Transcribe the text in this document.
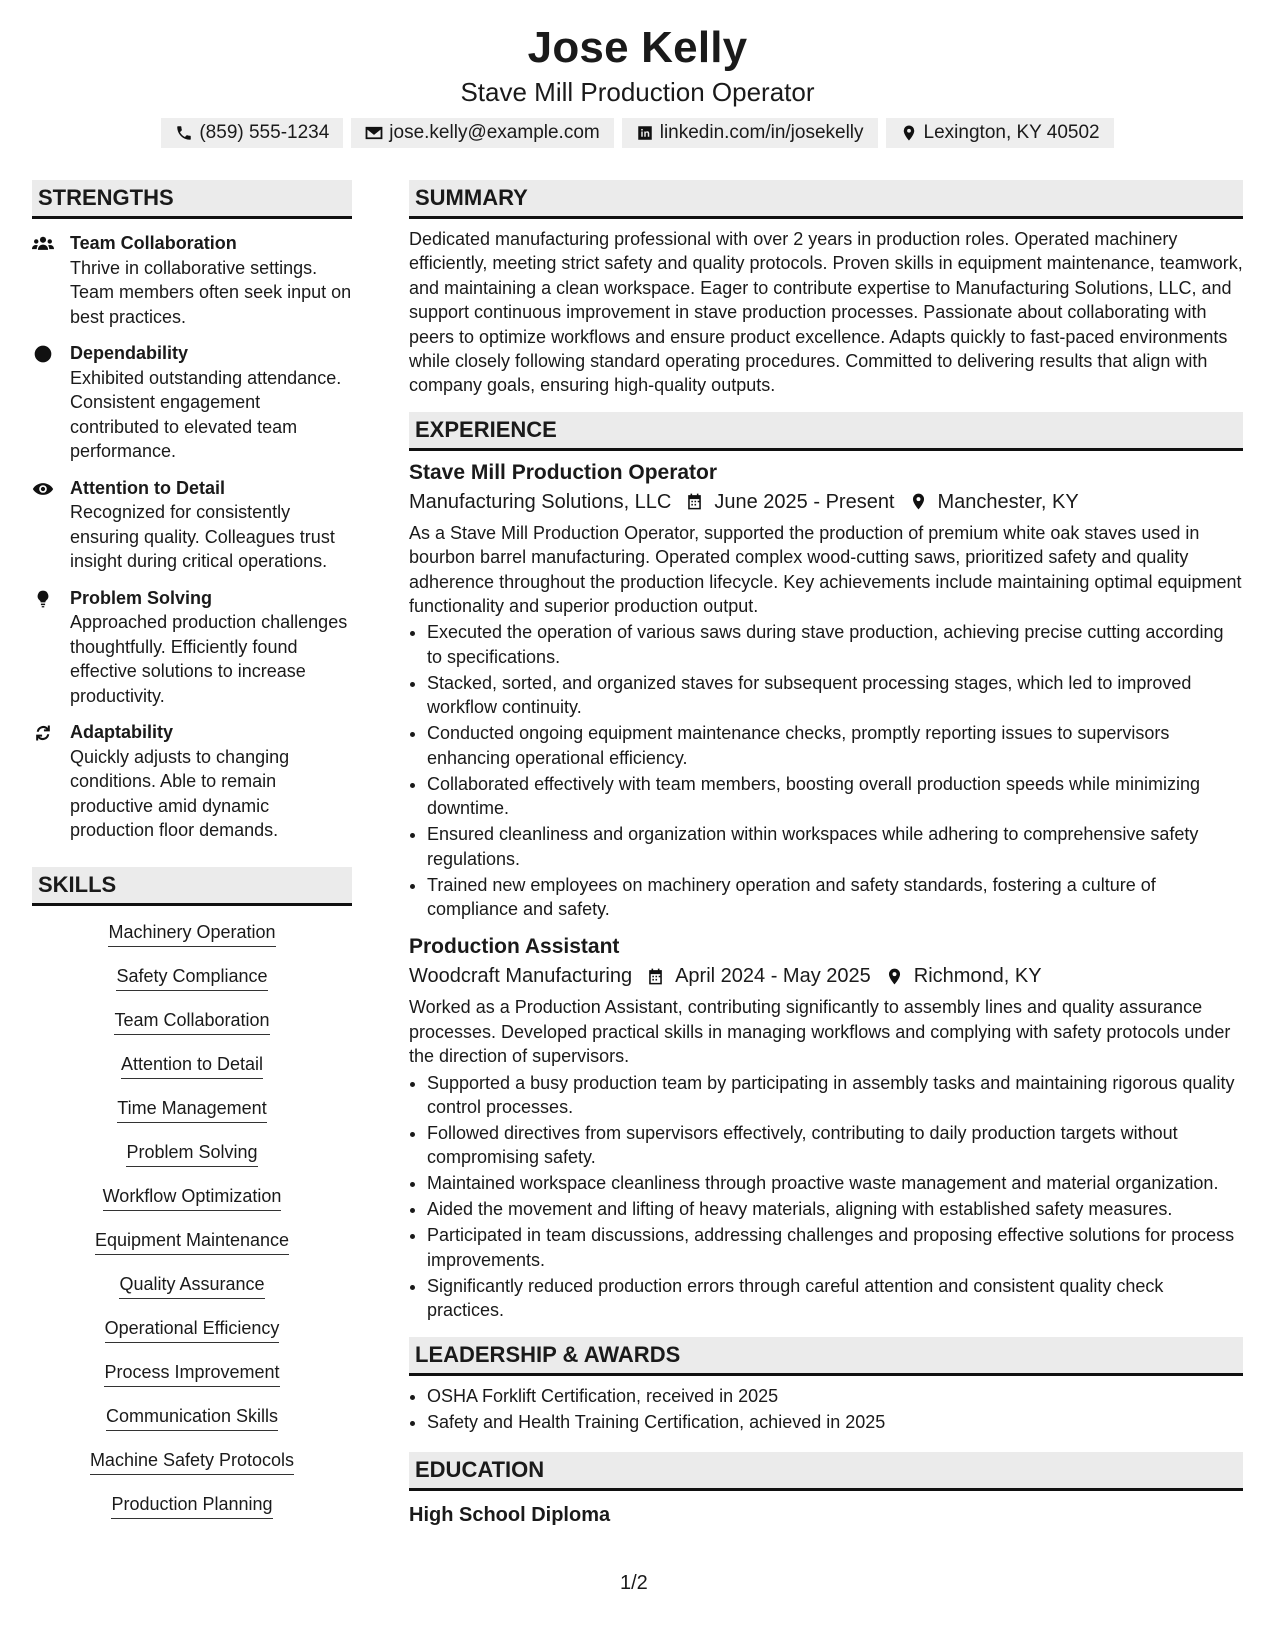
Jose Kelly
Stave Mill Production Operator
(859) 555-1234	jose.kelly@example.com	linkedin.com/in/josekelly	Lexington, KY 40502
STRENGTHS
Team Collaboration
Thrive in collaborative settings. Team members often seek input on best practices.
Dependability
Exhibited outstanding attendance. Consistent engagement contributed to elevated team performance.
Attention to Detail
Recognized for consistently ensuring quality. Colleagues trust insight during critical operations.
Problem Solving
Approached production challenges thoughtfully. Efficiently found effective solutions to increase productivity.
Adaptability
Quickly adjusts to changing conditions. Able to remain productive amid dynamic production floor demands.
SKILLS
Machinery Operation
Safety Compliance
Team Collaboration
Attention to Detail
Time Management
Problem Solving
Workflow Optimization
Equipment Maintenance
Quality Assurance
Operational Efficiency
Process Improvement
Communication Skills
Machine Safety Protocols
Production Planning
SUMMARY
Dedicated manufacturing professional with over 2 years in production roles. Operated machinery efficiently, meeting strict safety and quality protocols. Proven skills in equipment maintenance, teamwork, and maintaining a clean workspace. Eager to contribute expertise to Manufacturing Solutions, LLC, and support continuous improvement in stave production processes. Passionate about collaborating with peers to optimize workflows and ensure product excellence. Adapts quickly to fast-paced environments while closely following standard operating procedures. Committed to delivering results that align with company goals, ensuring high-quality outputs.
EXPERIENCE
Stave Mill Production Operator
Manufacturing Solutions, LLC June 2025 - Present Manchester, KY
As a Stave Mill Production Operator, supported the production of premium white oak staves used in bourbon barrel manufacturing. Operated complex wood-cutting saws, prioritized safety and quality adherence throughout the production lifecycle. Key achievements include maintaining optimal equipment functionality and superior production output.
• Executed the operation of various saws during stave production, achieving precise cutting according to specifications.
• Stacked, sorted, and organized staves for subsequent processing stages, which led to improved workflow continuity.
• Conducted ongoing equipment maintenance checks, promptly reporting issues to supervisors enhancing operational efficiency.
• Collaborated effectively with team members, boosting overall production speeds while minimizing downtime.
• Ensured cleanliness and organization within workspaces while adhering to comprehensive safety regulations.
• Trained new employees on machinery operation and safety standards, fostering a culture of compliance and safety.
Production Assistant
Woodcraft Manufacturing April 2024 - May 2025 Richmond, KY
Worked as a Production Assistant, contributing significantly to assembly lines and quality assurance processes. Developed practical skills in managing workflows and complying with safety protocols under the direction of supervisors.
• Supported a busy production team by participating in assembly tasks and maintaining rigorous quality control processes.
• Followed directives from supervisors effectively, contributing to daily production targets without compromising safety.
• Maintained workspace cleanliness through proactive waste management and material organization.
• Aided the movement and lifting of heavy materials, aligning with established safety measures.
• Participated in team discussions, addressing challenges and proposing effective solutions for process improvements.
• Significantly reduced production errors through careful attention and consistent quality check practices.
LEADERSHIP & AWARDS
• OSHA Forklift Certification, received in 2025
• Safety and Health Training Certification, achieved in 2025
EDUCATION
High School Diploma
1/2
